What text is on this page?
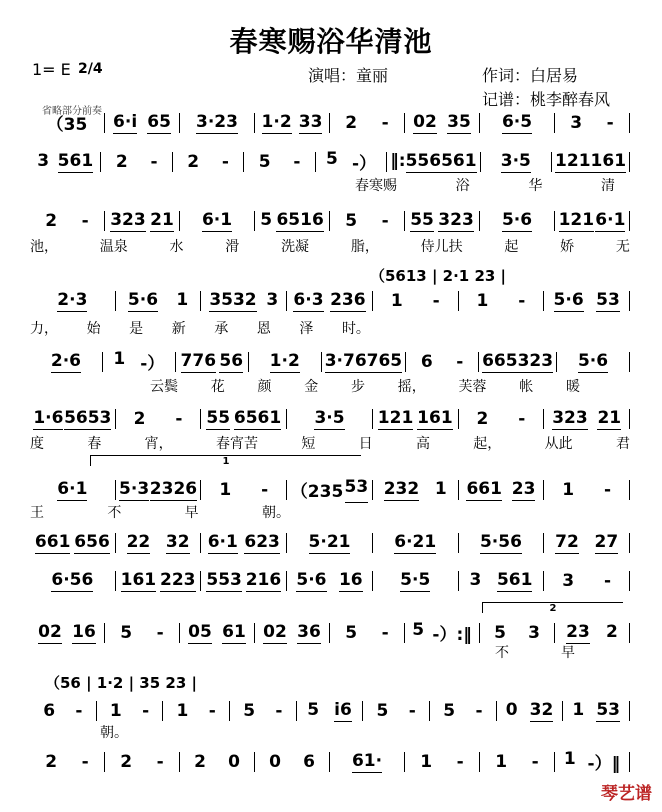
春寒赐浴华清池
1= E 2/4	演唱：童丽	作词：白居易
记谱：桃李醉春风
省略部分前奏
（5613 | 2·1 23 |
（56 | 1·2 | 35 23 |
1
2
（35 6·i 65 3·23 1·2 33 2 - 02 35 6·5 3 -
3 561 2 - 2 - 5 - 5 -） ‖: 55 6561 3·5 121 161
春寒赐	浴	华	清
2 - 323 21 6·1 5 6516 5 - 55 323 5·6 121 6·1
池，	温泉	水	滑	洗凝	脂，	侍儿扶	起	娇	无
2·3 5·6 1 3532 3 6·3 236 1 - 1 - 5·6 53
力， 始 是 新 承 恩 泽 时。
2·6 1 -） 776 56 1·2 3·7 6765 6 - 665 323 5·6
云鬓 花 颜 金 步 摇， 芙蓉 帐 暖
1·6 5653 2 - 55 6561 3·5 121 161 2 - 323 21
度	春	宵，	春宵苦	短	日	高	起，	从此	君
6·1 5·3 2326 1 - （235 53 232 1 661 23 1 -
王	不	早	朝。
661 656 22 32 6·1 623 5·21	6·21	5·56 72 27
6·56 161 223 553 216 5·6 16 5·5 3 561 3 -
02 16 5 - 05 61 02 36 5 - 5 -）:‖ 5 3 23 2
不	早
6 - 1 - 1 - 5 - 5 i6 5 - 5 - 0 32 1 53
朝。
2 - 2 - 2 0 0 6 61· 1 - 1 - 1 -）‖
琴艺谱
